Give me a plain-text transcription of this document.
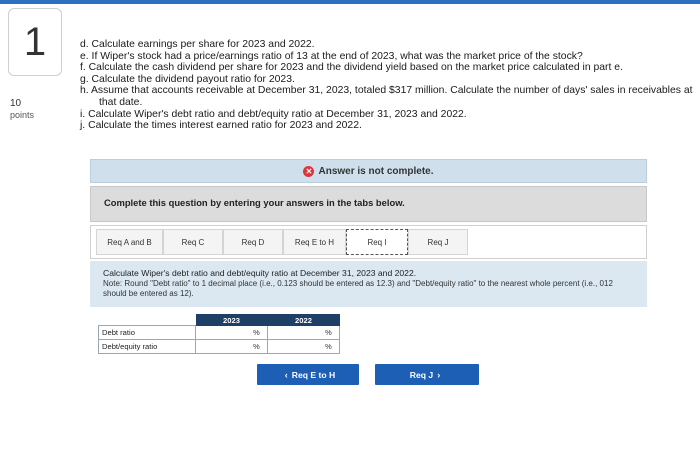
1
10
points
d. Calculate earnings per share for 2023 and 2022.
e. If Wiper's stock had a price/earnings ratio of 13 at the end of 2023, what was the market price of the stock?
f. Calculate the cash dividend per share for 2023 and the dividend yield based on the market price calculated in part e.
g. Calculate the dividend payout ratio for 2023.
h. Assume that accounts receivable at December 31, 2023, totaled $317 million. Calculate the number of days' sales in receivables at
that date.
i. Calculate Wiper's debt ratio and debt/equity ratio at December 31, 2023 and 2022.
j. Calculate the times interest earned ratio for 2023 and 2022.
✕ Answer is not complete.
Complete this question by entering your answers in the tabs below.
Req A and B	Req C	Req D	Req E to H	Req I	Req J
Calculate Wiper's debt ratio and debt/equity ratio at December 31, 2023 and 2022.
Note: Round "Debt ratio" to 1 decimal place (i.e., 0.123 should be entered as 12.3) and "Debt/equity ratio" to the nearest whole percent (i.e., 012 should be entered as 12).
	2023	2022
Debt ratio	%	%

Debt/equity ratio	%	%
‹ Req E to H	Req J ›
